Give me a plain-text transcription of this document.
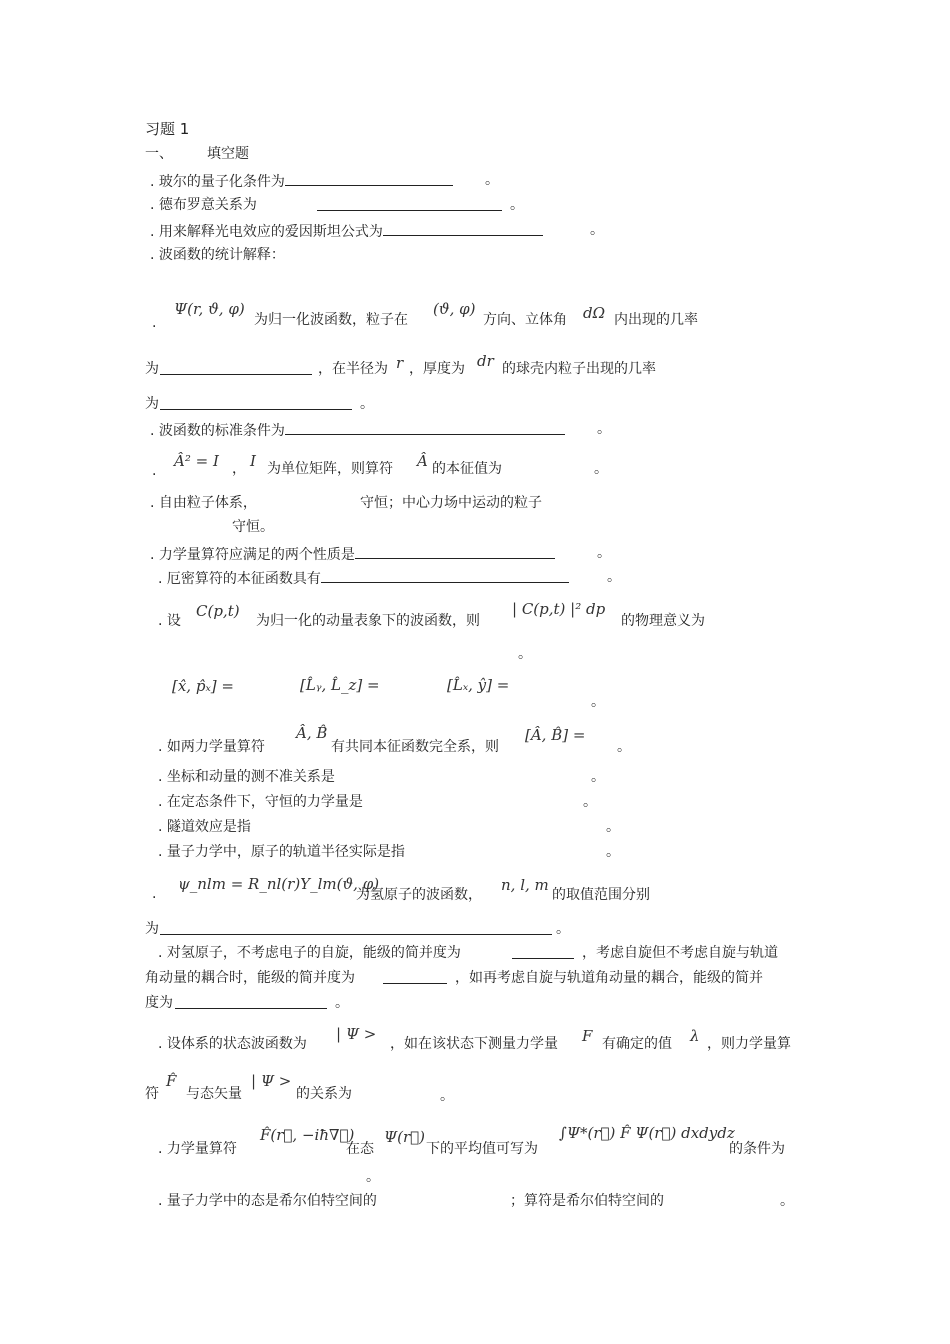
习题 1
一、 填空题
. 玻尔的量子化条件为	。
. 德布罗意关系为	。
. 用来解释光电效应的爱因斯坦公式为	。
. 波函数的统计解释：
.
Ψ(r, ϑ, φ)
为归一化波函数，粒子在
(ϑ, φ)
方向、立体角 dΩ 内出现的几率
为	，在半径为 r ，厚度为 dr 的球壳内粒子出现的几率
为	。
. 波函数的标准条件为	。
.
Â² = I ， I 为单位矩阵，则算符 Â 的本征值为	。
. 自由粒子体系，	守恒；中心力场中运动的粒子
守恒。
. 力学量算符应满足的两个性质是	。
. 厄密算符的本征函数具有	。
. 设
C(p,t)
为归一化的动量表象下的波函数，则
| C(p,t) |² dp
的物理意义为
。
[x̂, p̂ₓ] =	[L̂ᵧ, L̂_z] =	[L̂ₓ, ŷ] =
。
. 如两力学量算符
Â, B̂
有共同本征函数完全系，则
[Â, B̂] =
。
. 坐标和动量的测不准关系是	。
. 在定态条件下，守恒的力学量是	。
. 隧道效应是指	。
. 量子力学中，原子的轨道半径实际是指	。
.
ψ_nlm = R_nl(r)Y_lm(ϑ, φ)
为氢原子的波函数，
n, l, m
的取值范围分别
为	。
. 对氢原子，不考虑电子的自旋，能级的简并度为	，考虑自旋但不考虑自旋与轨道
角动量的耦合时，能级的简并度为	，如再考虑自旋与轨道角动量的耦合，能级的简并
度为	。
. 设体系的状态波函数为
| Ψ >
，如在该状态下测量力学量 F 有确定的值 λ ，则力学量算
符
F̂
与态矢量
| Ψ >
的关系为	。
. 力学量算符
F̂(r⃗, −iħ∇⃗)
在态
Ψ(r⃗)
下的平均值可写为
∫Ψ*(r⃗) F̂ Ψ(r⃗) dxdydz
的条件为
。
. 量子力学中的态是希尔伯特空间的	；算符是希尔伯特空间的	。
